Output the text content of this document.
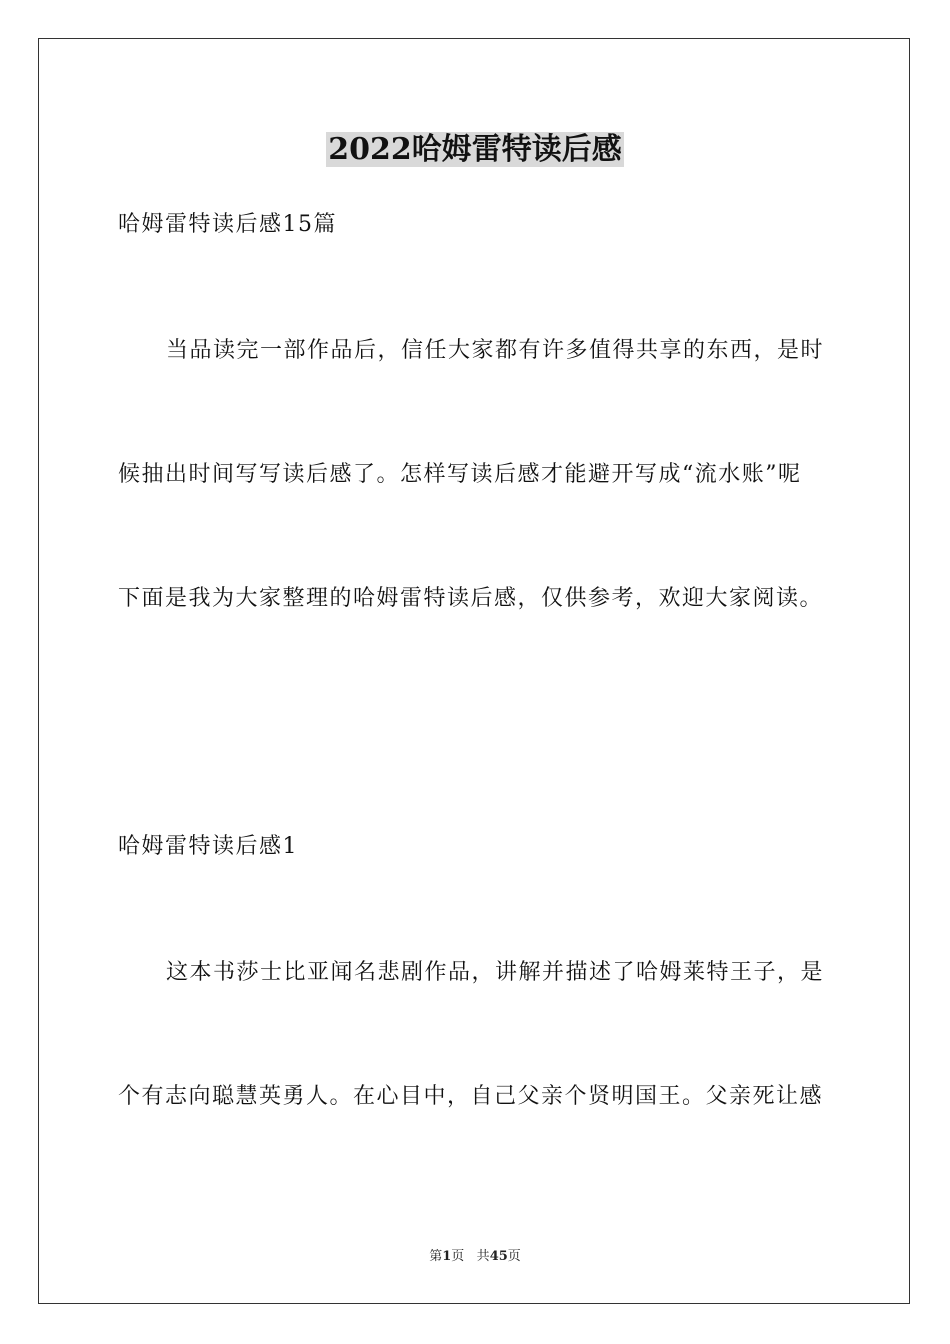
2022哈姆雷特读后感
哈姆雷特读后感15篇
当品读完一部作品后，信任大家都有许多值得共享的东西，是时
候抽出时间写写读后感了。怎样写读后感才能避开写成“流水账”呢
下面是我为大家整理的哈姆雷特读后感，仅供参考，欢迎大家阅读。
哈姆雷特读后感1
这本书莎士比亚闻名悲剧作品，讲解并描述了哈姆莱特王子，是
个有志向聪慧英勇人。在心目中，自己父亲个贤明国王。父亲死让感
第1页 共45页
